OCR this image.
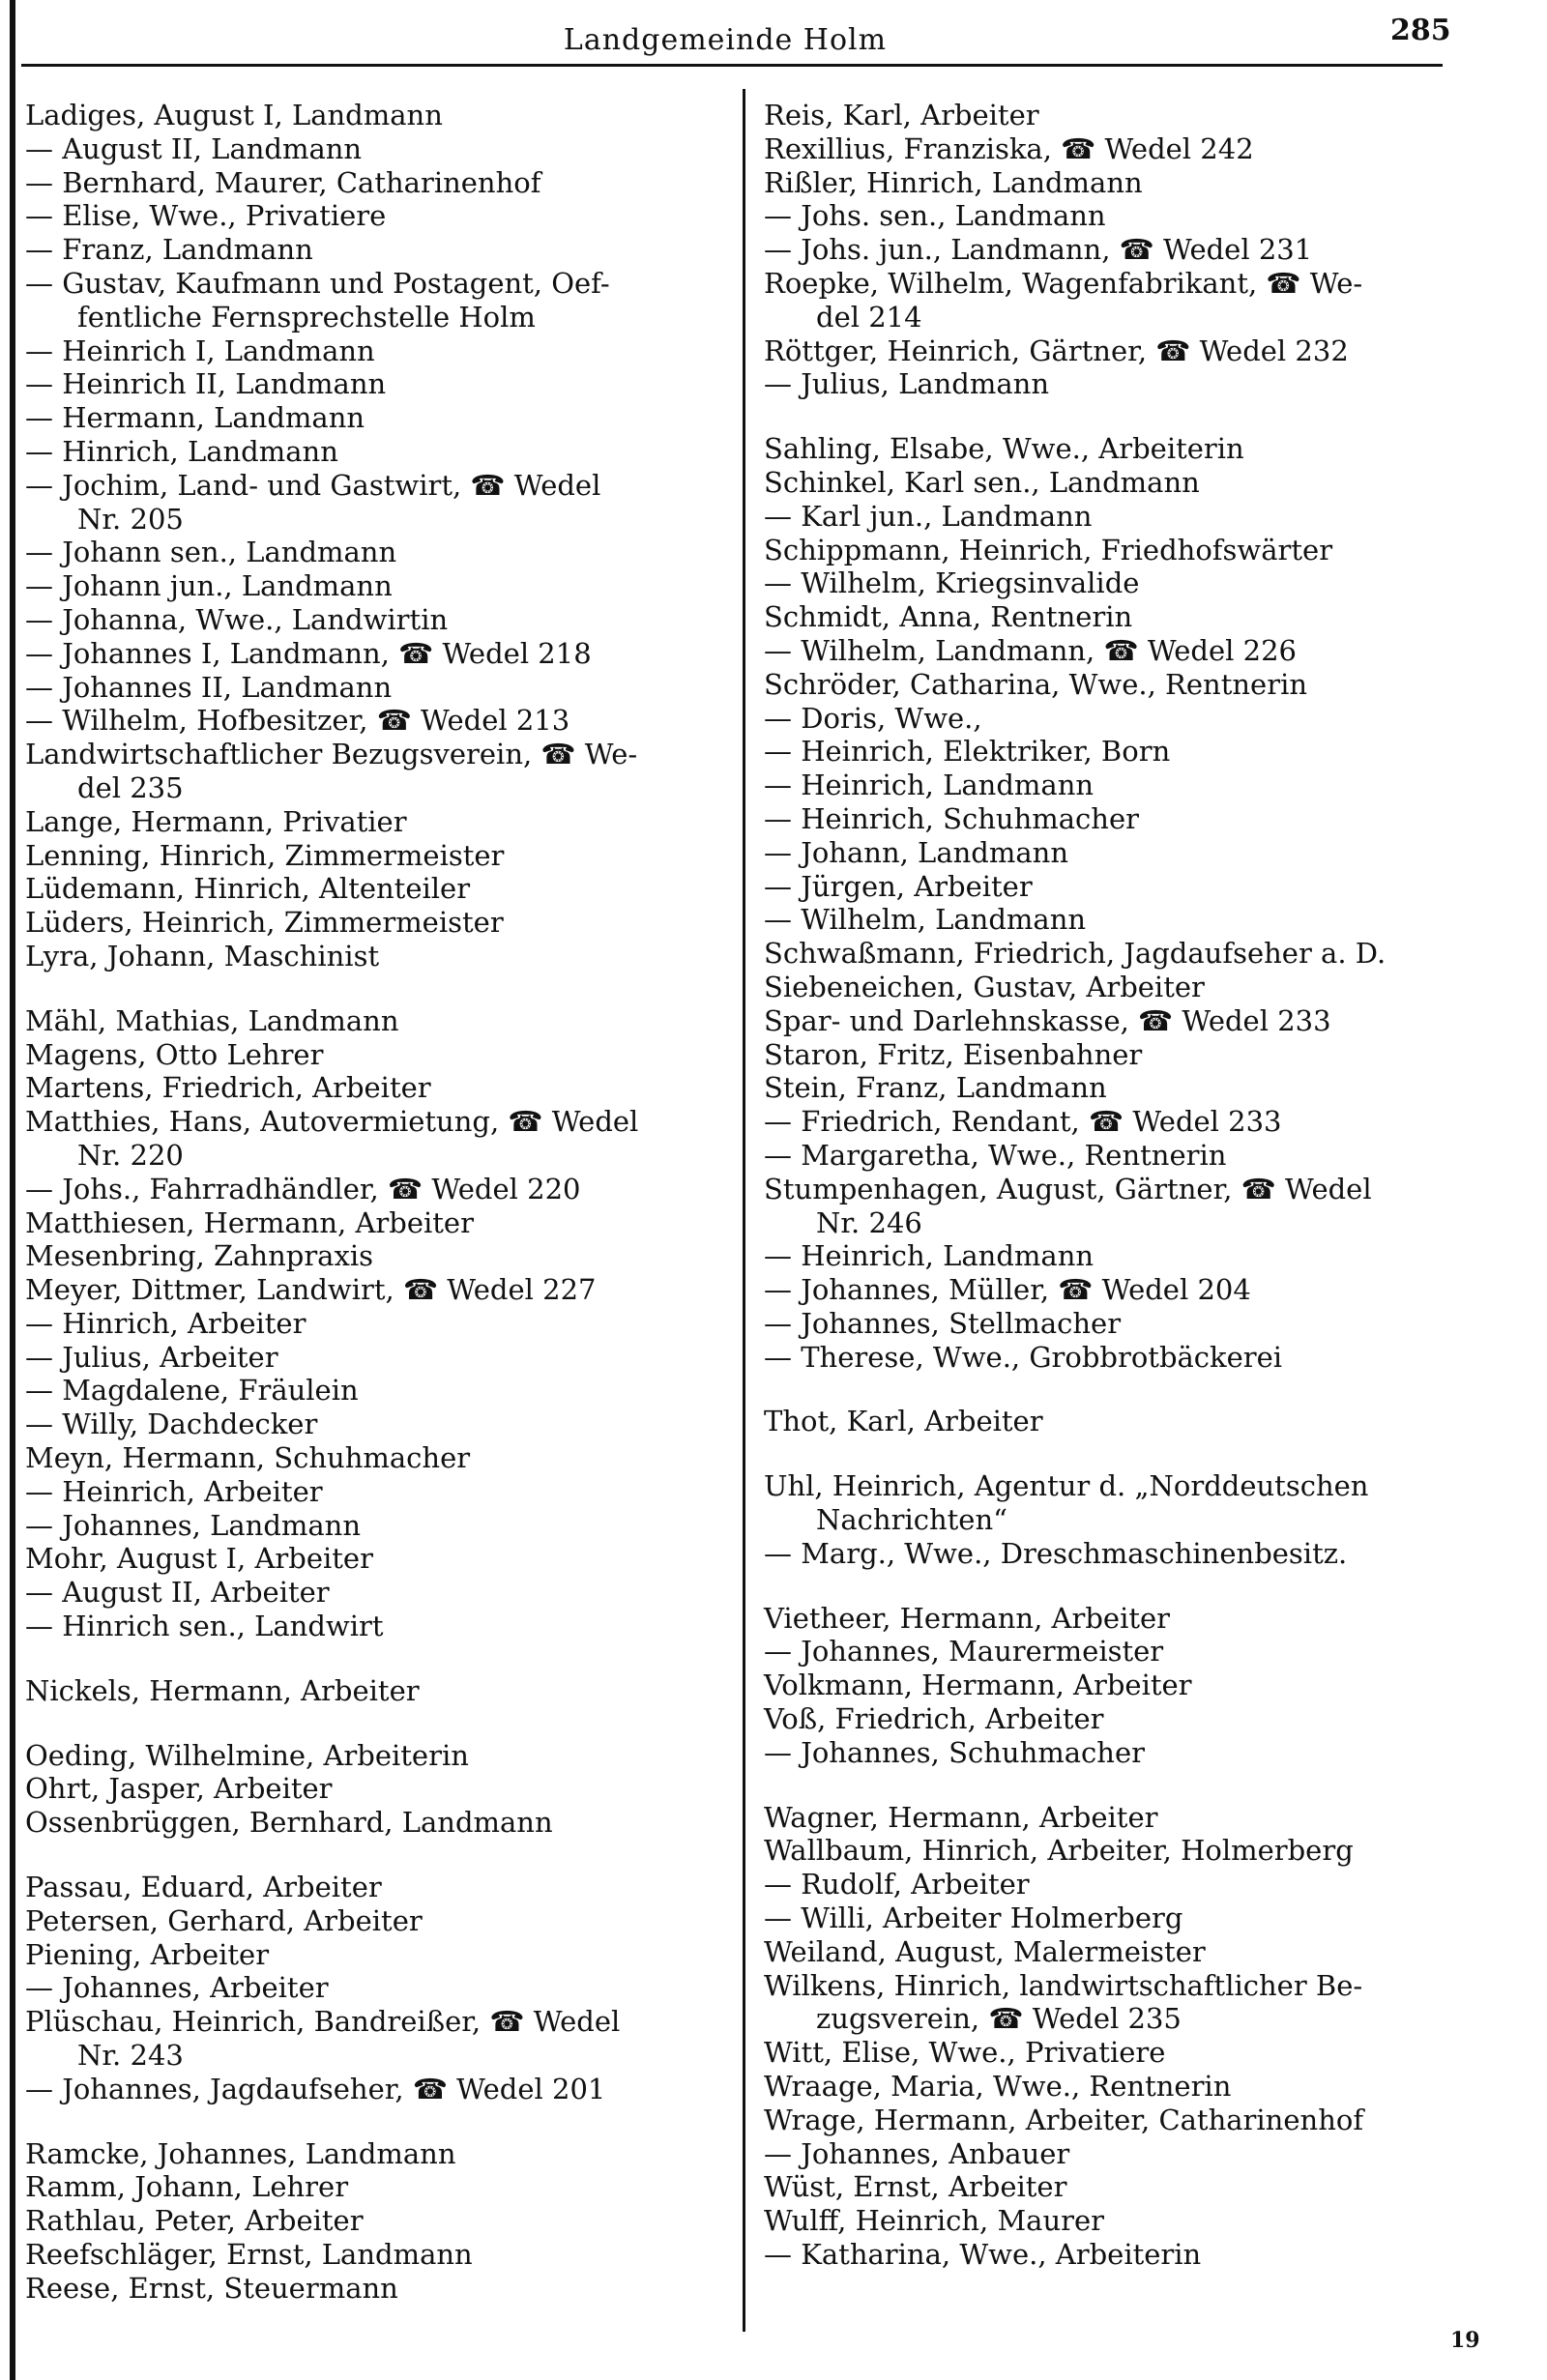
Landgemeinde Holm	285
Ladiges, August I, Landmann
— August II, Landmann
— Bernhard, Maurer, Catharinenhof
— Elise, Wwe., Privatiere
— Franz, Landmann
— Gustav, Kaufmann und Postagent, Oef-
fentliche Fernsprechstelle Holm
— Heinrich I, Landmann
— Heinrich II, Landmann
— Hermann, Landmann
— Hinrich, Landmann
— Jochim, Land- und Gastwirt, ☎ Wedel
Nr. 205
— Johann sen., Landmann
— Johann jun., Landmann
— Johanna, Wwe., Landwirtin
— Johannes I, Landmann, ☎ Wedel 218
— Johannes II, Landmann
— Wilhelm, Hofbesitzer, ☎ Wedel 213
Landwirtschaftlicher Bezugsverein, ☎ We-
del 235
Lange, Hermann, Privatier
Lenning, Hinrich, Zimmermeister
Lüdemann, Hinrich, Altenteiler
Lüders, Heinrich, Zimmermeister
Lyra, Johann, Maschinist
Mähl, Mathias, Landmann
Magens, Otto Lehrer
Martens, Friedrich, Arbeiter
Matthies, Hans, Autovermietung, ☎ Wedel
Nr. 220
— Johs., Fahrradhändler, ☎ Wedel 220
Matthiesen, Hermann, Arbeiter
Mesenbring, Zahnpraxis
Meyer, Dittmer, Landwirt, ☎ Wedel 227
— Hinrich, Arbeiter
— Julius, Arbeiter
— Magdalene, Fräulein
— Willy, Dachdecker
Meyn, Hermann, Schuhmacher
— Heinrich, Arbeiter
— Johannes, Landmann
Mohr, August I, Arbeiter
— August II, Arbeiter
— Hinrich sen., Landwirt
Nickels, Hermann, Arbeiter
Oeding, Wilhelmine, Arbeiterin
Ohrt, Jasper, Arbeiter
Ossenbrüggen, Bernhard, Landmann
Passau, Eduard, Arbeiter
Petersen, Gerhard, Arbeiter
Piening, Arbeiter
— Johannes, Arbeiter
Plüschau, Heinrich, Bandreißer, ☎ Wedel
Nr. 243
— Johannes, Jagdaufseher, ☎ Wedel 201
Ramcke, Johannes, Landmann
Ramm, Johann, Lehrer
Rathlau, Peter, Arbeiter
Reefschläger, Ernst, Landmann
Reese, Ernst, Steuermann
Reis, Karl, Arbeiter
Rexillius, Franziska, ☎ Wedel 242
Rißler, Hinrich, Landmann
— Johs. sen., Landmann
— Johs. jun., Landmann, ☎ Wedel 231
Roepke, Wilhelm, Wagenfabrikant, ☎ We-
del 214
Röttger, Heinrich, Gärtner, ☎ Wedel 232
— Julius, Landmann
Sahling, Elsabe, Wwe., Arbeiterin
Schinkel, Karl sen., Landmann
— Karl jun., Landmann
Schippmann, Heinrich, Friedhofswärter
— Wilhelm, Kriegsinvalide
Schmidt, Anna, Rentnerin
— Wilhelm, Landmann, ☎ Wedel 226
Schröder, Catharina, Wwe., Rentnerin
— Doris, Wwe.,
— Heinrich, Elektriker, Born
— Heinrich, Landmann
— Heinrich, Schuhmacher
— Johann, Landmann
— Jürgen, Arbeiter
— Wilhelm, Landmann
Schwaßmann, Friedrich, Jagdaufseher a. D.
Siebeneichen, Gustav, Arbeiter
Spar- und Darlehnskasse, ☎ Wedel 233
Staron, Fritz, Eisenbahner
Stein, Franz, Landmann
— Friedrich, Rendant, ☎ Wedel 233
— Margaretha, Wwe., Rentnerin
Stumpenhagen, August, Gärtner, ☎ Wedel
Nr. 246
— Heinrich, Landmann
— Johannes, Müller, ☎ Wedel 204
— Johannes, Stellmacher
— Therese, Wwe., Grobbrotbäckerei
Thot, Karl, Arbeiter
Uhl, Heinrich, Agentur d. „Norddeutschen
Nachrichten“
— Marg., Wwe., Dreschmaschinenbesitz.
Vietheer, Hermann, Arbeiter
— Johannes, Maurermeister
Volkmann, Hermann, Arbeiter
Voß, Friedrich, Arbeiter
— Johannes, Schuhmacher
Wagner, Hermann, Arbeiter
Wallbaum, Hinrich, Arbeiter, Holmerberg
— Rudolf, Arbeiter
— Willi, Arbeiter Holmerberg
Weiland, August, Malermeister
Wilkens, Hinrich, landwirtschaftlicher Be-
zugsverein, ☎ Wedel 235
Witt, Elise, Wwe., Privatiere
Wraage, Maria, Wwe., Rentnerin
Wrage, Hermann, Arbeiter, Catharinenhof
— Johannes, Anbauer
Wüst, Ernst, Arbeiter
Wulff, Heinrich, Maurer
— Katharina, Wwe., Arbeiterin
19
